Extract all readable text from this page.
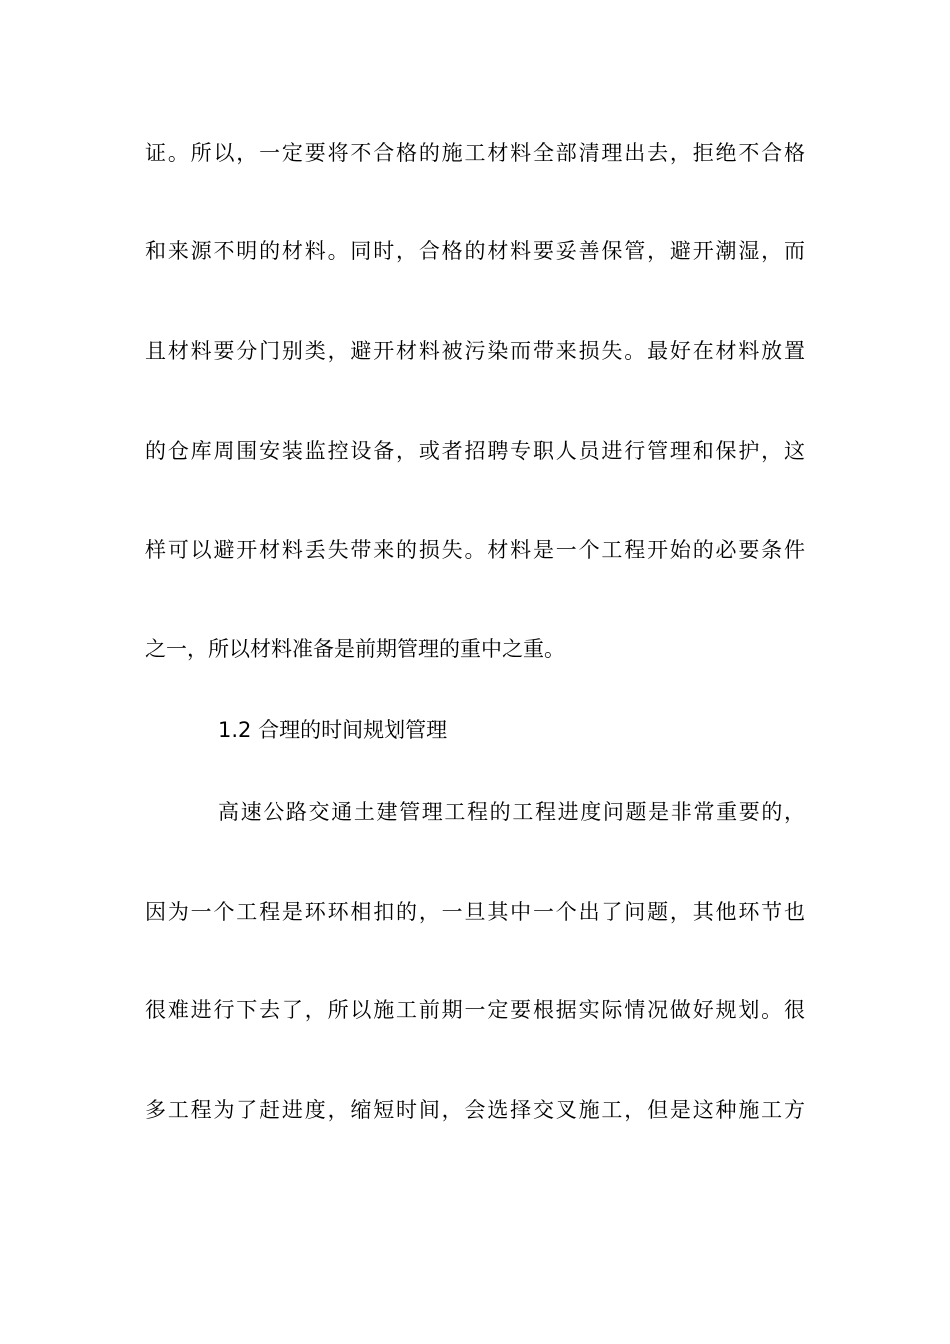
证。所以，一定要将不合格的施工材料全部清理出去，拒绝不合格
和来源不明的材料。同时，合格的材料要妥善保管，避开潮湿，而
且材料要分门别类，避开材料被污染而带来损失。最好在材料放置
的仓库周围安装监控设备，或者招聘专职人员进行管理和保护，这
样可以避开材料丢失带来的损失。材料是一个工程开始的必要条件
之一，所以材料准备是前期管理的重中之重。
1.2 合理的时间规划管理
高速公路交通土建管理工程的工程进度问题是非常重要的，
因为一个工程是环环相扣的，一旦其中一个出了问题，其他环节也
很难进行下去了，所以施工前期一定要根据实际情况做好规划。很
多工程为了赶进度，缩短时间，会选择交叉施工，但是这种施工方
